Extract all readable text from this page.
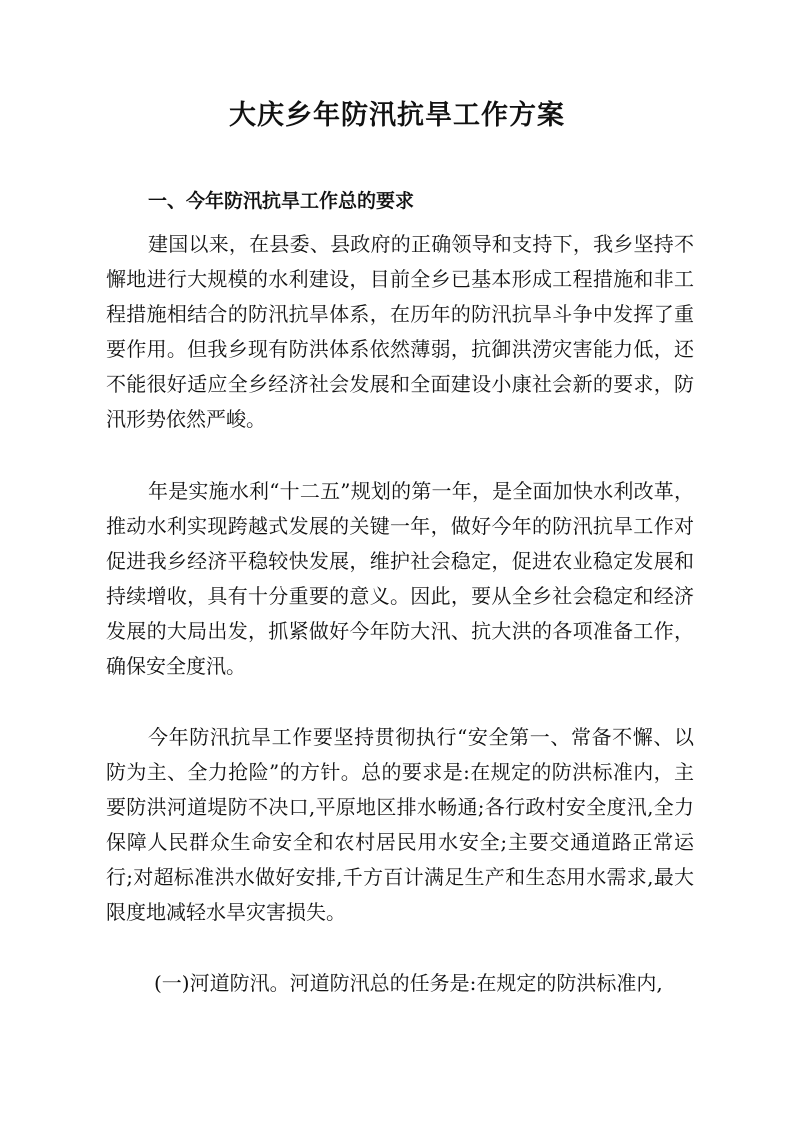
大庆乡年防汛抗旱工作方案
一、今年防汛抗旱工作总的要求
建国以来，在县委、县政府的正确领导和支持下，我乡坚持不懈地进行大规模的水利建设，目前全乡已基本形成工程措施和非工程措施相结合的防汛抗旱体系，在历年的防汛抗旱斗争中发挥了重要作用。但我乡现有防洪体系依然薄弱，抗御洪涝灾害能力低，还不能很好适应全乡经济社会发展和全面建设小康社会新的要求，防汛形势依然严峻。
年是实施水利“十二五”规划的第一年，是全面加快水利改革，推动水利实现跨越式发展的关键一年，做好今年的防汛抗旱工作对促进我乡经济平稳较快发展，维护社会稳定，促进农业稳定发展和持续增收，具有十分重要的意义。因此，要从全乡社会稳定和经济发展的大局出发，抓紧做好今年防大汛、抗大洪的各项准备工作，确保安全度汛。
今年防汛抗旱工作要坚持贯彻执行“安全第一、常备不懈、以防为主、全力抢险”的方针。总的要求是:在规定的防洪标准内，主要防洪河道堤防不决口,平原地区排水畅通;各行政村安全度汛,全力保障人民群众生命安全和农村居民用水安全;主要交通道路正常运行;对超标准洪水做好安排,千方百计满足生产和生态用水需求,最大限度地减轻水旱灾害损失。
(一)河道防汛。河道防汛总的任务是:在规定的防洪标准内,
